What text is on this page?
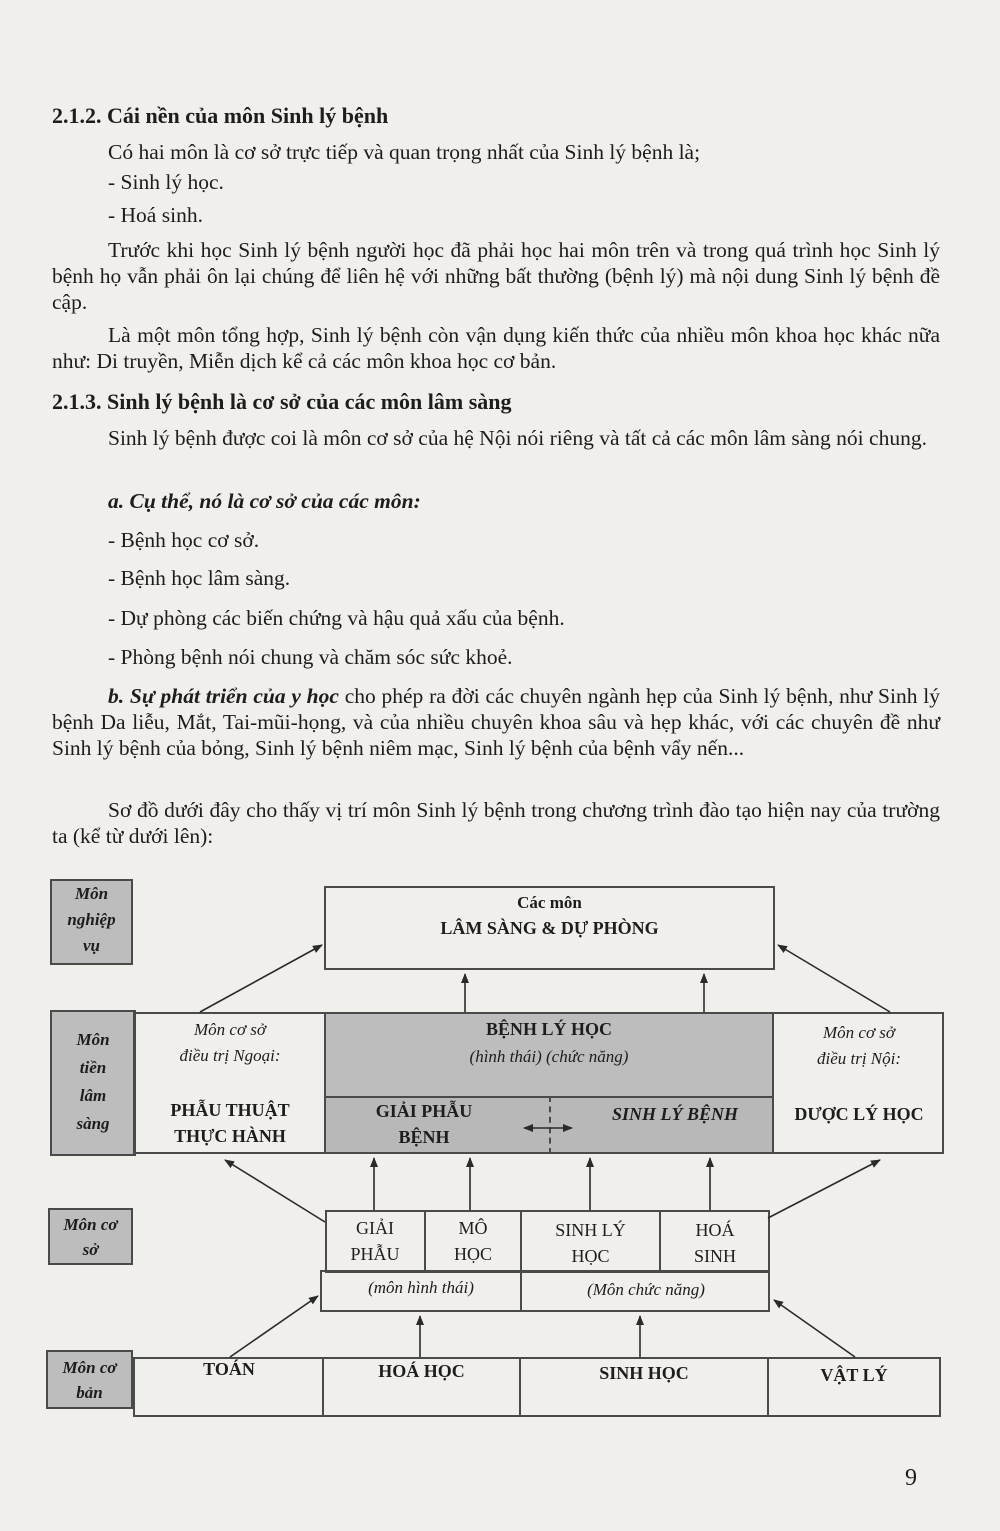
2.1.2. Cái nền của môn Sinh lý bệnh
Có hai môn là cơ sở trực tiếp và quan trọng nhất của Sinh lý bệnh là;
- Sinh lý học.
- Hoá sinh.

Trước khi học Sinh lý bệnh người học đã phải học hai môn trên và trong quá trình học Sinh lý bệnh họ vẫn phải ôn lại chúng để liên hệ với những bất thường (bệnh lý) mà nội dung Sinh lý bệnh đề cập.

Là một môn tổng hợp, Sinh lý bệnh còn vận dụng kiến thức của nhiều môn khoa học khác nữa như: Di truyền, Miễn dịch kể cả các môn khoa học cơ bản.

2.1.3. Sinh lý bệnh là cơ sở của các môn lâm sàng

Sinh lý bệnh được coi là môn cơ sở của hệ Nội nói riêng và tất cả các môn lâm sàng nói chung.

a. Cụ thể, nó là cơ sở của các môn:
- Bệnh học cơ sở.
- Bệnh học lâm sàng.
- Dự phòng các biến chứng và hậu quả xấu của bệnh.
- Phòng bệnh nói chung và chăm sóc sức khoẻ.

b. Sự phát triển của y học cho phép ra đời các chuyên ngành hẹp của Sinh lý bệnh, như Sinh lý bệnh Da liễu, Mắt, Tai-mũi-họng, và của nhiều chuyên khoa sâu và hẹp khác, với các chuyên đề như Sinh lý bệnh của bỏng, Sinh lý bệnh niêm mạc, Sinh lý bệnh của bệnh vẩy nến...

Sơ đồ dưới đây cho thấy vị trí môn Sinh lý bệnh trong chương trình đào tạo hiện nay của trường ta (kể từ dưới lên):

Môn
nghiệp
vụ
Môn
tiền
lâm
sàng
Môn cơ
sở
Môn cơ
bản
Các môn
LÂM SÀNG & DỰ PHÒNG
Môn cơ sở
điều trị Ngoại:
PHẪU THUẬT
THỰC HÀNH
BỆNH LÝ HỌC
(hình thái) (chức năng)
GIẢI PHẪU
BỆNH
SINH LÝ BỆNH
Môn cơ sở
điều trị Nội:
DƯỢC LÝ HỌC
GIẢI
PHẪU
MÔ
HỌC
SINH LÝ
HỌC
HOÁ
SINH
(môn hình thái)	(Môn chức năng)
TOÁN	HOÁ HỌC	SINH HỌC	VẬT LÝ
9
